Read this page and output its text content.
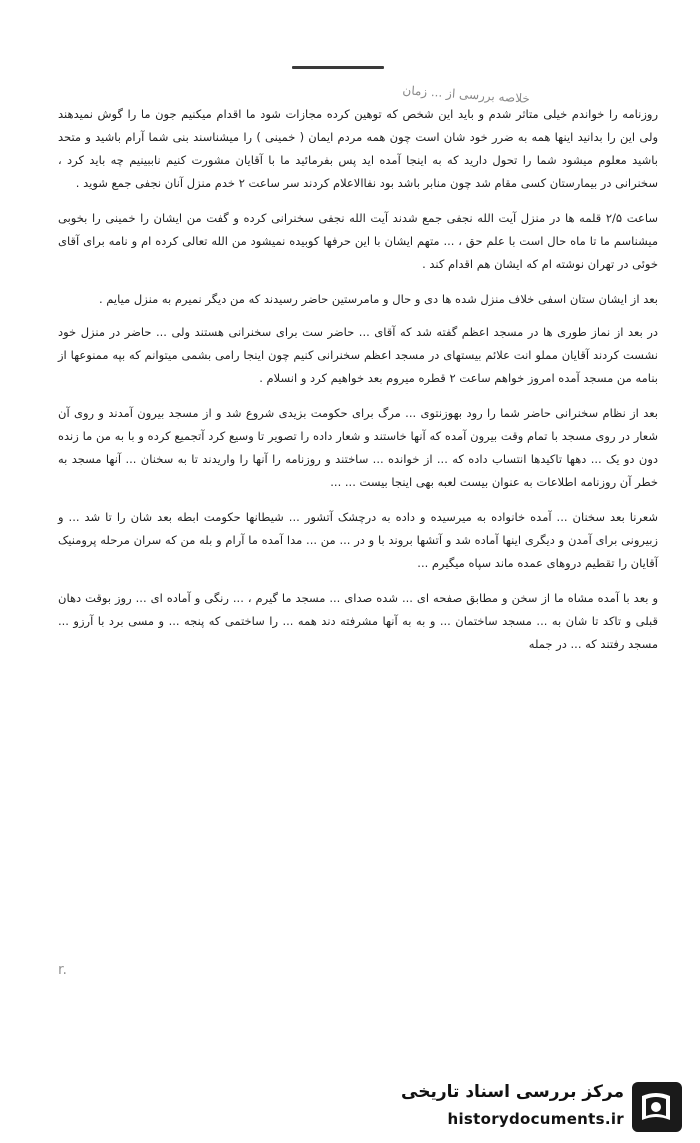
خلاصه بررسی از ... زمان

روزنامه را خواندم خیلی متاثر شدم و باید این شخص که توهین کرده مجازات شود ما اقدام میکنیم جون ما را گوش نمیدهند ولی این را بدانید اینها همه به ضرر خود شان است چون همه مردم ایمان ( خمینی ) را میشناسند بنی شما آرام باشید و متحد باشید معلوم میشود شما را تحول دارید که به اینجا آمده اید پس بفرمائید ما با آقایان مشورت کنیم ناببینیم چه باید کرد ، سخنرانی در بیمارستان کسی مقام شد چون منابر باشد بود نفاالاعلام کردند سر ساعت ۲ خدم منزل آنان نجفی جمع شوید .

ساعت ۲/۵ قلمه ها در منزل آیت الله نجفی جمع شدند آیت الله نجفی سخنرانی کرده و گفت من ایشان را خمینی را بخوبی میشناسم ما تا ماه حال است با علم حق ، ... متهم ایشان با این حرفها کوبیده نمیشود من الله تعالی کرده ام و نامه برای آقای خوئی در تهران نوشته ام که ایشان هم اقدام کند .

بعد از ایشان ستان اسفی خلاف منزل شده ها دی و حال و مامرستین حاضر رسیدند که من دیگر نمیرم به منزل میایم .

در بعد از نماز طوری ها در مسجد اعظم گفته شد که آقای ... حاضر ست برای سخنرانی هستند ولی ... حاضر در منزل خود نشست کردند آقایان مملو انت علائم بیستهای در مسجد اعظم سخنرانی کنیم چون اینجا رامی بشمی میتوانم که بپه ممنوعها از بنامه من مسجد آمده امروز خواهم ساعت ۲ قطره میروم بعد خواهیم کرد و انسلام .

بعد از نظام سخنرانی حاضر شما را رود بهوزنتوی ... مرگ برای حکومت بزیدی شروع شد و از مسجد بیرون آمدند و روی آن شعار در روی مسجد با تمام وقت بیرون آمده که آنها خاستند و شعار داده را تصویر تا وسیع کرد آتجمیع کرده و با به من ما زنده دون دو یک ... دهها تاکیدها انتساب داده که ... از خوانده ... ساختند و روزنامه را آنها را واریدند تا به سخنان ... آنها مسجد به خطر آن روزنامه اطلاعات به عنوان بیست لعبه بهی اینجا بیست ... ...

شعرنا بعد سخنان ... آمده خانواده به میرسیده و داده به درچشک آتشور ... شیطانها حکومت ابطه بعد شان را تا شد ... و زبیرونی برای آمدن و دیگری اینها آماده شد و آتشها بروند با و در ... من ... مدا آمده ما آرام و بله من که سران مرحله پرومنیک آقایان را تقطیم دروهای عمده ماند سپاه میگیرم ...

و بعد با آمده مشاه ما از سخن و مطابق صفحه ای ... شده صدای ... مسجد ما گیرم ، ... رنگی و آماده ای ... روز بوقت دهان قبلی و تاکد تا شان به ... مسجد ساختمان ... و به به آنها مشرفته دند همه ... را ساختمی که پنجه ... و مسی برد با آرزو ... مسجد رفتند که ... در جمله

r.
مرکز بررسی اسناد تاریخی
historydocuments.ir
